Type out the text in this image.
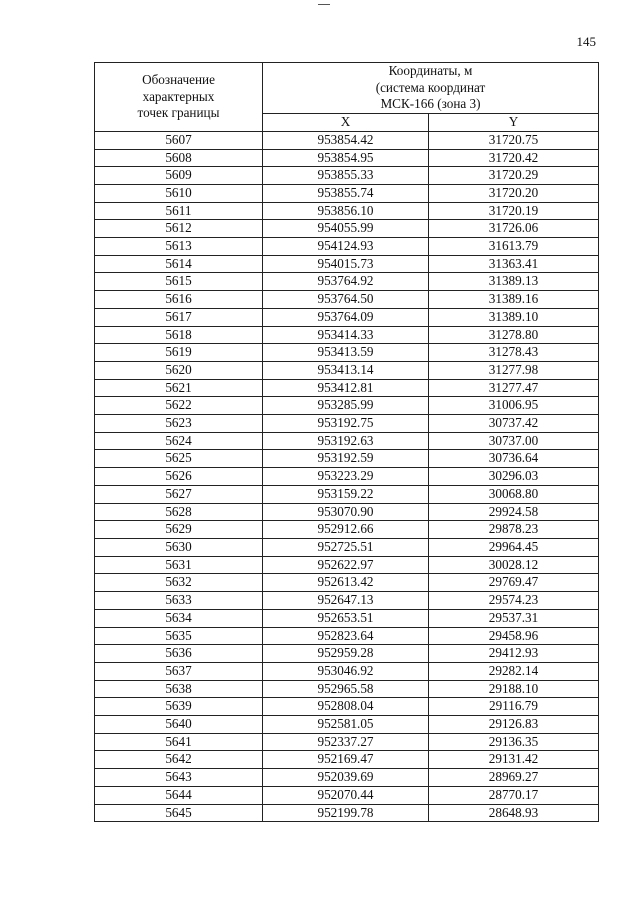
145
Обозначение
характерных
точек границы	Координаты, м
(система координат
МСК-166 (зона 3)	

	X	Y
5607	953854.42	31720.75
5608	953854.95	31720.42
5609	953855.33	31720.29
5610	953855.74	31720.20
5611	953856.10	31720.19
5612	954055.99	31726.06
5613	954124.93	31613.79
5614	954015.73	31363.41
5615	953764.92	31389.13
5616	953764.50	31389.16
5617	953764.09	31389.10
5618	953414.33	31278.80
5619	953413.59	31278.43
5620	953413.14	31277.98
5621	953412.81	31277.47
5622	953285.99	31006.95
5623	953192.75	30737.42
5624	953192.63	30737.00
5625	953192.59	30736.64
5626	953223.29	30296.03
5627	953159.22	30068.80
5628	953070.90	29924.58
5629	952912.66	29878.23
5630	952725.51	29964.45
5631	952622.97	30028.12
5632	952613.42	29769.47
5633	952647.13	29574.23
5634	952653.51	29537.31
5635	952823.64	29458.96
5636	952959.28	29412.93
5637	953046.92	29282.14
5638	952965.58	29188.10
5639	952808.04	29116.79
5640	952581.05	29126.83
5641	952337.27	29136.35
5642	952169.47	29131.42
5643	952039.69	28969.27
5644	952070.44	28770.17
5645	952199.78	28648.93
